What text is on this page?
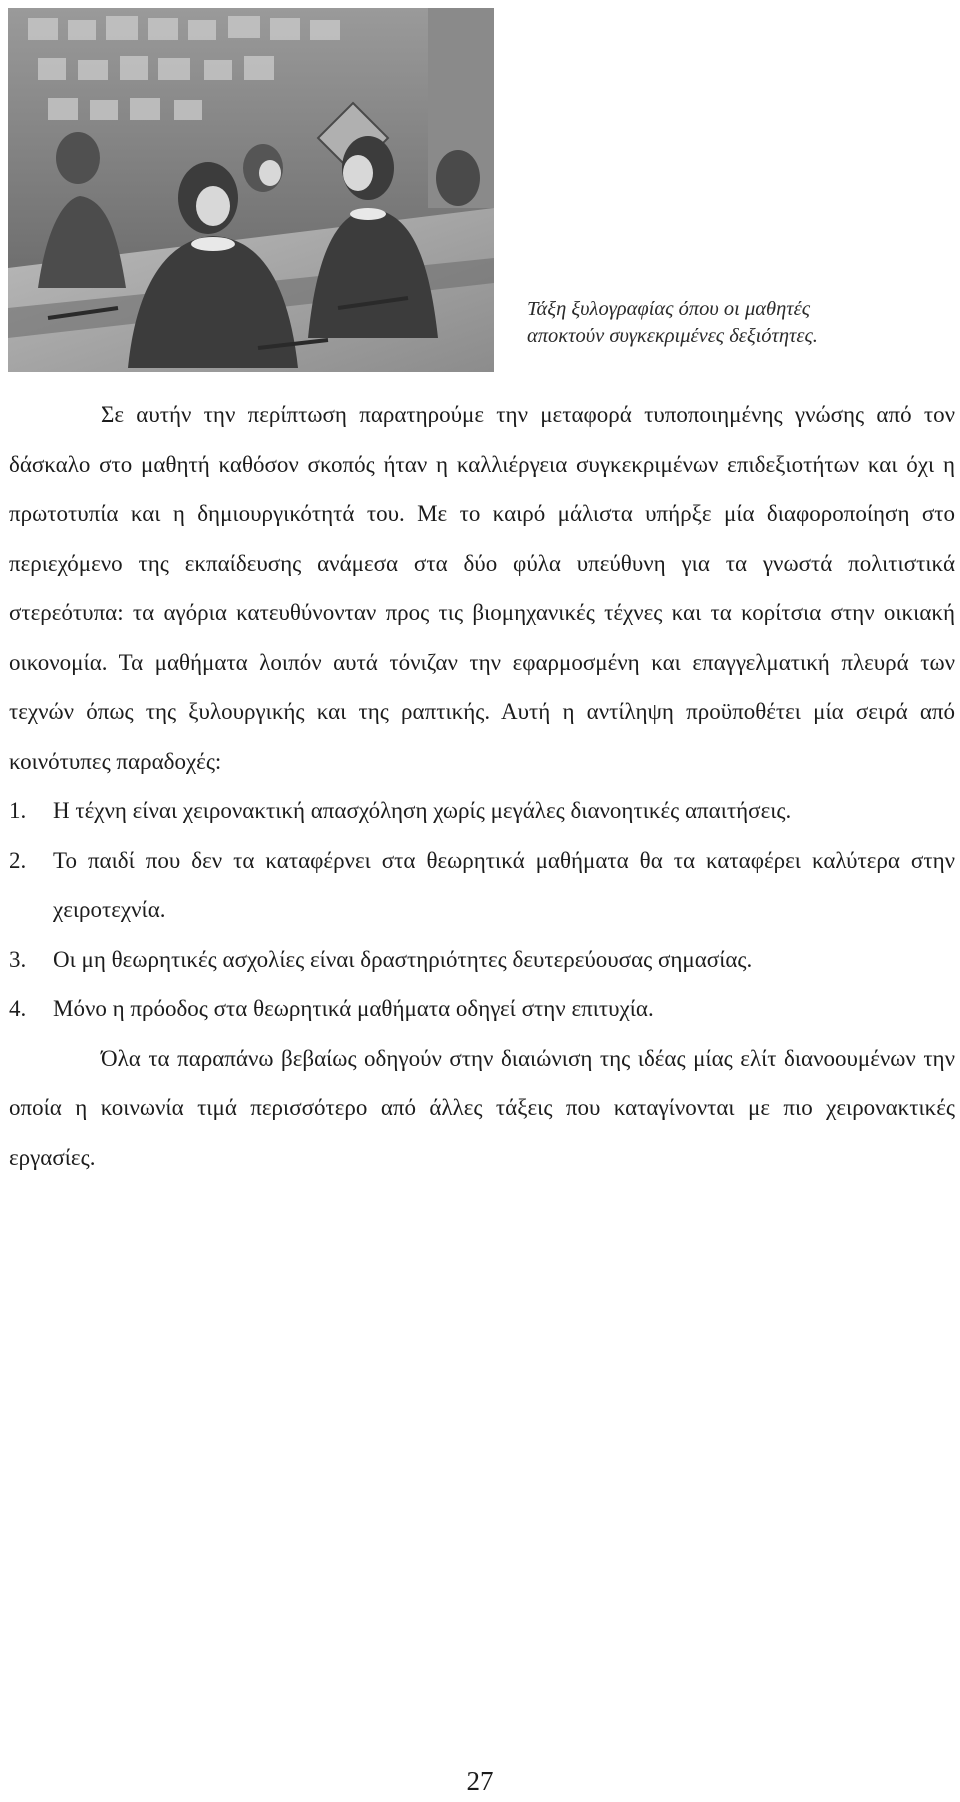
Τάξη ξυλογραφίας όπου οι μαθητές
αποκτούν συγκεκριμένες δεξιότητες.

Σε αυτήν την περίπτωση παρατηρούμε την μεταφορά τυποποιημένης γνώσης από τον δάσκαλο στο μαθητή καθόσον σκοπός ήταν η καλλιέργεια συγκεκριμένων επιδεξιοτήτων και όχι η πρωτοτυπία και η δημιουργικότητά του. Με το καιρό μάλιστα υπήρξε μία διαφοροποίηση στο περιεχόμενο της εκπαίδευσης ανάμεσα στα δύο φύλα υπεύθυνη για τα γνωστά πολιτιστικά στερεότυπα: τα αγόρια κατευθύνονταν προς τις βιομηχανικές τέχνες και τα κορίτσια στην οικιακή οικονομία. Τα μαθήματα λοιπόν αυτά τόνιζαν την εφαρμοσμένη και επαγγελματική πλευρά των τεχνών όπως της ξυλουργικής και της ραπτικής. Αυτή η αντίληψη προϋποθέτει μία σειρά από κοινότυπες παραδοχές:

1. Η τέχνη είναι χειρονακτική απασχόληση χωρίς μεγάλες διανοητικές απαιτήσεις.
2. Το παιδί που δεν τα καταφέρνει στα θεωρητικά μαθήματα θα τα καταφέρει καλύτερα στην χειροτεχνία.
3. Οι μη θεωρητικές ασχολίες είναι δραστηριότητες δευτερεύουσας σημασίας.
4. Μόνο η πρόοδος στα θεωρητικά μαθήματα οδηγεί στην επιτυχία.

Όλα τα παραπάνω βεβαίως οδηγούν στην διαιώνιση της ιδέας μίας ελίτ διανοουμένων την οποία η κοινωνία τιμά περισσότερο από άλλες τάξεις που καταγίνονται με πιο χειρονακτικές εργασίες.

27
